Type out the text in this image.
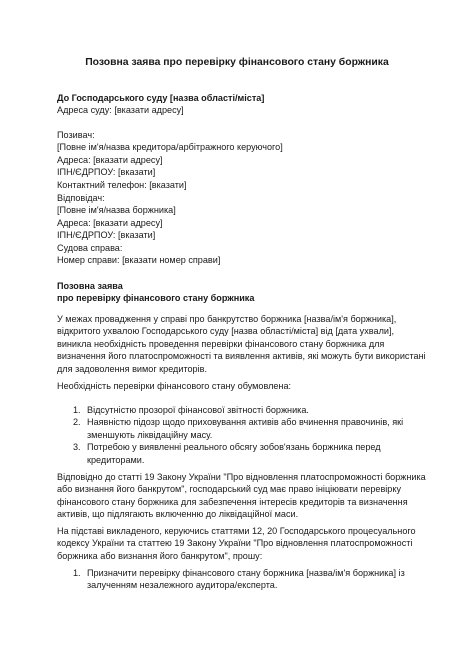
Позовна заява про перевірку фінансового стану боржника
До Господарського суду [назва області/міста]
Адреса суду: [вказати адресу]
Позивач:
[Повне ім'я/назва кредитора/арбітражного керуючого]
Адреса: [вказати адресу]
ІПН/ЄДРПОУ: [вказати]
Контактний телефон: [вказати]
Відповідач:
[Повне ім'я/назва боржника]
Адреса: [вказати адресу]
ІПН/ЄДРПОУ: [вказати]
Судова справа:
Номер справи: [вказати номер справи]
Позовна заява
про перевірку фінансового стану боржника
У межах провадження у справі про банкрутство боржника [назва/ім'я боржника],
відкритого ухвалою Господарського суду [назва області/міста] від [дата ухвали],
виникла необхідність проведення перевірки фінансового стану боржника для
визначення його платоспроможності та виявлення активів, які можуть бути використані
для задоволення вимог кредиторів.
Необхідність перевірки фінансового стану обумовлена:
1. Відсутністю прозорої фінансової звітності боржника.
2. Наявністю підозр щодо приховування активів або вчинення правочинів, які
зменшують ліквідаційну масу.
3. Потребою у виявленні реального обсягу зобов'язань боржника перед
кредиторами.
Відповідно до статті 19 Закону України "Про відновлення платоспроможності боржника
або визнання його банкрутом", господарський суд має право ініціювати перевірку
фінансового стану боржника для забезпечення інтересів кредиторів та визначення
активів, що підлягають включенню до ліквідаційної маси.
На підставі викладеного, керуючись статтями 12, 20 Господарського процесуального
кодексу України та статтею 19 Закону України "Про відновлення платоспроможності
боржника або визнання його банкрутом", прошу:
1. Призначити перевірку фінансового стану боржника [назва/ім'я боржника] із
залученням незалежного аудитора/експерта.
